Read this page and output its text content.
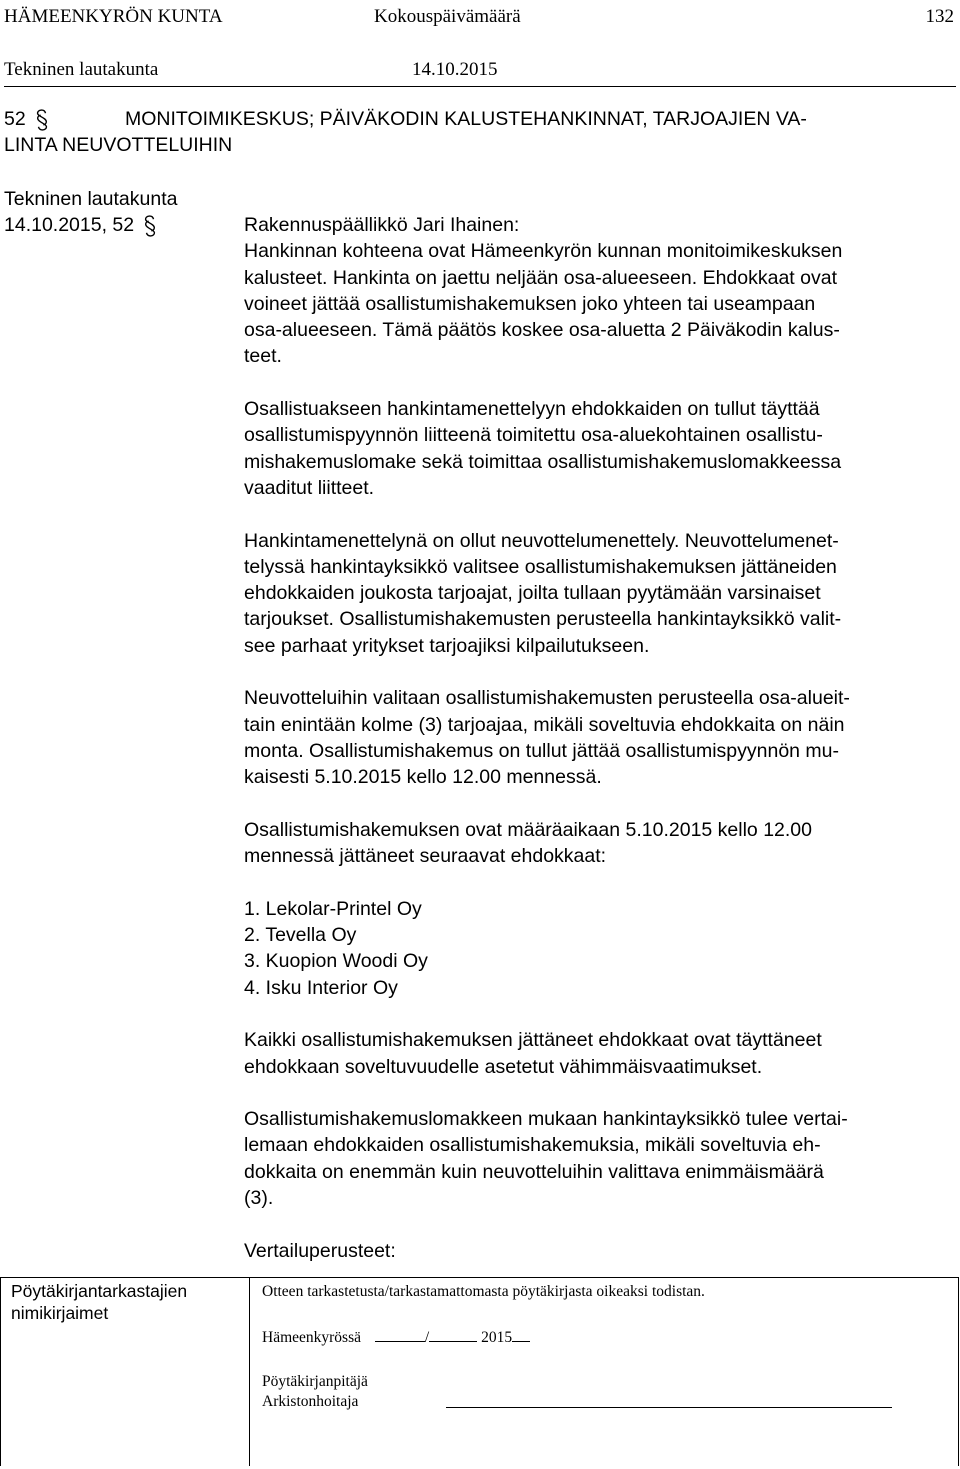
HÄMEENKYRÖN KUNTA	Kokouspäivämäärä	132
Tekninen lautakunta	14.10.2015
MONITOIMIKESKUS; PÄIVÄKODIN KALUSTEHANKINNAT, TARJOAJIEN VA-
LINTA NEUVOTTELUIHIN
52
Tekninen lautakunta
14.10.2015, 52	Rakennuspäällikkö Jari Ihainen:

Hankinnan kohteena ovat Hämeenkyrön kunnan monitoimikeskuksen
kalusteet. Hankinta on jaettu neljään osa-alueeseen. Ehdokkaat ovat
voineet jättää osallistumishakemuksen joko yhteen tai useampaan
osa-alueeseen. Tämä päätös koskee osa-aluetta 2 Päiväkodin kalus-
teet.

Osallistuakseen hankintamenettelyyn ehdokkaiden on tullut täyttää
osallistumispyynnön liitteenä toimitettu osa-aluekohtainen osallistu-
mishakemuslomake sekä toimittaa osallistumishakemuslomakkeessa
vaaditut liitteet.

Hankintamenettelynä on ollut neuvottelumenettely. Neuvottelumenet-
telyssä hankintayksikkö valitsee osallistumishakemuksen jättäneiden
ehdokkaiden joukosta tarjoajat, joilta tullaan pyytämään varsinaiset
tarjoukset. Osallistumishakemusten perusteella hankintayksikkö valit-
see parhaat yritykset tarjoajiksi kilpailutukseen.

Neuvotteluihin valitaan osallistumishakemusten perusteella osa-alueit-
tain enintään kolme (3) tarjoajaa, mikäli soveltuvia ehdokkaita on näin
monta. Osallistumishakemus on tullut jättää osallistumispyynnön mu-
kaisesti 5.10.2015 kello 12.00 mennessä.

Osallistumishakemuksen ovat määräaikaan 5.10.2015 kello 12.00
mennessä jättäneet seuraavat ehdokkaat:

1. Lekolar-Printel Oy
2. Tevella Oy
3. Kuopion Woodi Oy
4. Isku Interior Oy

Kaikki osallistumishakemuksen jättäneet ehdokkaat ovat täyttäneet
ehdokkaan soveltuvuudelle asetetut vähimmäisvaatimukset.

Osallistumishakemuslomakkeen mukaan hankintayksikkö tulee vertai-
lemaan ehdokkaiden osallistumishakemuksia, mikäli soveltuvia eh-
dokkaita on enemmän kuin neuvotteluihin valittava enimmäismäärä
(3).

Vertailuperusteet:

Pöytäkirjantarkastajien
nimikirjaimet
Otteen tarkastetusta/tarkastamattomasta pöytäkirjasta oikeaksi todistan.
Hämeenkyrössä	/	2015
Pöytäkirjanpitäjä
Arkistonhoitaja
